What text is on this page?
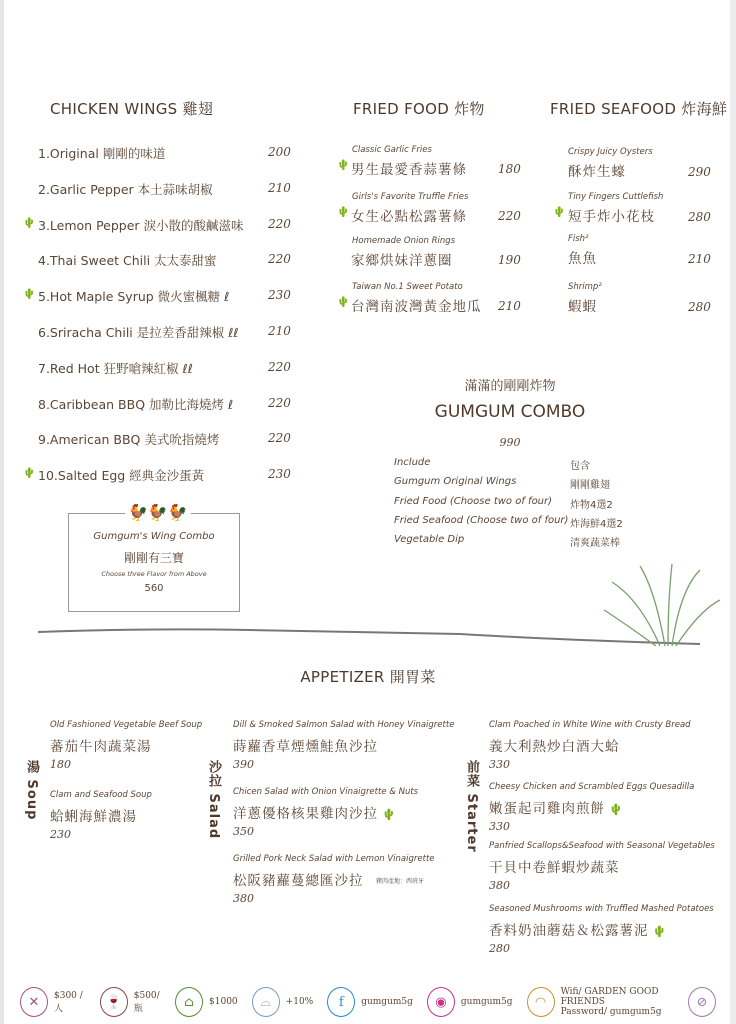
CHICKEN WINGS 雞翅
1.Original 剛剛的味道	200
2.Garlic Pepper 本土蒜味胡椒	210
3.Lemon Pepper 淚小散的酸鹹滋味 220
🌵
4.Thai Sweet Chili 太太泰甜蜜	220
5.Hot Maple Syrup 微火蜜楓糖 ℓ	230
🌵
6.Sriracha Chili 是拉差香甜辣椒 ℓℓ 210
7.Red Hot 狂野嗆辣紅椒 ℓℓ	220
8.Caribbean BBQ 加勒比海燒烤 ℓ	220
9.American BBQ 美式吮指燒烤	220
10.Salted Egg 經典金沙蛋黃	230
🌵
🐓🐓🐓
Gumgum's Wing Combo
剛剛有三寶
Choose three Flavor from Above
560
FRIED FOOD 炸物
Classic Garlic Fries
男生最愛香蒜薯條	180
🌵
Girls's Favorite Truffle Fries
女生必點松露薯條	220
🌵
Homemade Onion Rings
家鄉烘妹洋蔥圈	190
Taiwan No.1 Sweet Potato
台灣南波灣黃金地瓜 210
🌵
FRIED SEAFOOD 炸海鮮
Crispy Juicy Oysters
酥炸生蠔	290
Tiny Fingers Cuttlefish
短手炸小花枝	280
🌵
Fish²
魚魚	210
Shrimp²
蝦蝦	280
滿滿的剛剛炸物
GUMGUM COMBO
990
Include	包含
Gumgum Original Wings	剛剛雞翅
Fried Food (Choose two of four) 炸物4選2
Fried Seafood (Choose two of four) 炸海鮮4選2
Vegetable Dip	清爽蔬菜棒
APPETIZER 開胃菜
湯 Soup	沙拉 Salad	前菜 Starter
Old Fashioned Vegetable Beef Soup
蕃茄牛肉蔬菜湯
180
Clam and Seafood Soup
蛤蜊海鮮濃湯
230
Dill & Smoked Salmon Salad with Honey Vinaigrette
蒔蘿香草煙燻鮭魚沙拉
390
Chicen Salad with Onion Vinaigrette & Nuts
洋蔥優格核果雞肉沙拉 🌵
350
Grilled Pork Neck Salad with Lemon Vinaigrette
松阪豬蘿蔓總匯沙拉
380
豬肉產地：西班牙
Clam Poached in White Wine with Crusty Bread
義大利熱炒白酒大蛤
330
Cheesy Chicken and Scrambled Eggs Quesadilla
嫩蛋起司雞肉煎餅 🌵
330
Panfried Scallops&Seafood with Seasonal Vegetables
干貝中卷鮮蝦炒蔬菜
380
Seasoned Mushrooms with Truffled Mashed Potatoes
香料奶油蘑菇＆松露薯泥 🌵
280
✕	$300 / 人	🍷	$500/瓶	⌂	$1000	⌓	+10%	f	gumgum5g	◉	gumgum5g	◠
Wifi/ GARDEN GOOD FRIENDS
Password/ gumgum5g
⊘
